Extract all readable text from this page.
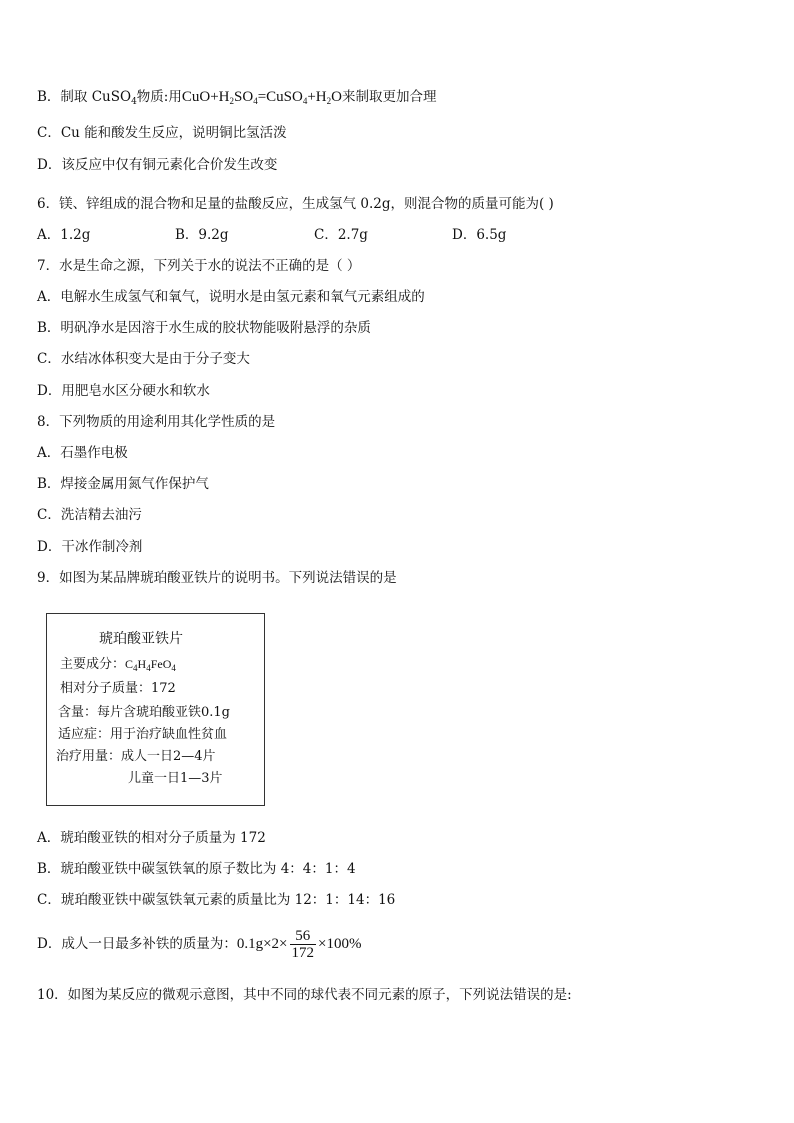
B．制取 CuSO$_4$物质:用$CuO+H_2SO_4=CuSO_4+H_2O$来制取更加合理
C．Cu 能和酸发生反应，说明铜比氢活泼
D．该反应中仅有铜元素化合价发生改变
6．镁、锌组成的混合物和足量的盐酸反应，生成氢气 0.2g，则混合物的质量可能为( )
A．1.2g	B．9.2g	C．2.7g	D．6.5g
7．水是生命之源，下列关于水的说法不正确的是（ ）
A．电解水生成氢气和氧气，说明水是由氢元素和氧气元素组成的
B．明矾净水是因溶于水生成的胶状物能吸附悬浮的杂质
C．水结冰体积变大是由于分子变大
D．用肥皂水区分硬水和软水
8．下列物质的用途利用其化学性质的是
A．石墨作电极
B．焊接金属用氮气作保护气
C．洗洁精去油污
D．干冰作制冷剂
9．如图为某品牌琥珀酸亚铁片的说明书。下列说法错误的是
琥珀酸亚铁片
主要成分：$C_4H_4FeO_4$
相对分子质量：172
含量：每片含琥珀酸亚铁0.1g
适应症：用于治疗缺血性贫血
治疗用量：成人一日2—4片
儿童一日1—3片
A．琥珀酸亚铁的相对分子质量为 172
B．琥珀酸亚铁中碳氢铁氧的原子数比为 4：4：1：4
C．琥珀酸亚铁中碳氢铁氧元素的质量比为 12：1：14：16
D．成人一日最多补铁的质量为：$0.1g\times 2\times \frac{56}{172} \times 100\%$
10．如图为某反应的微观示意图，其中不同的球代表不同元素的原子，下列说法错误的是:
